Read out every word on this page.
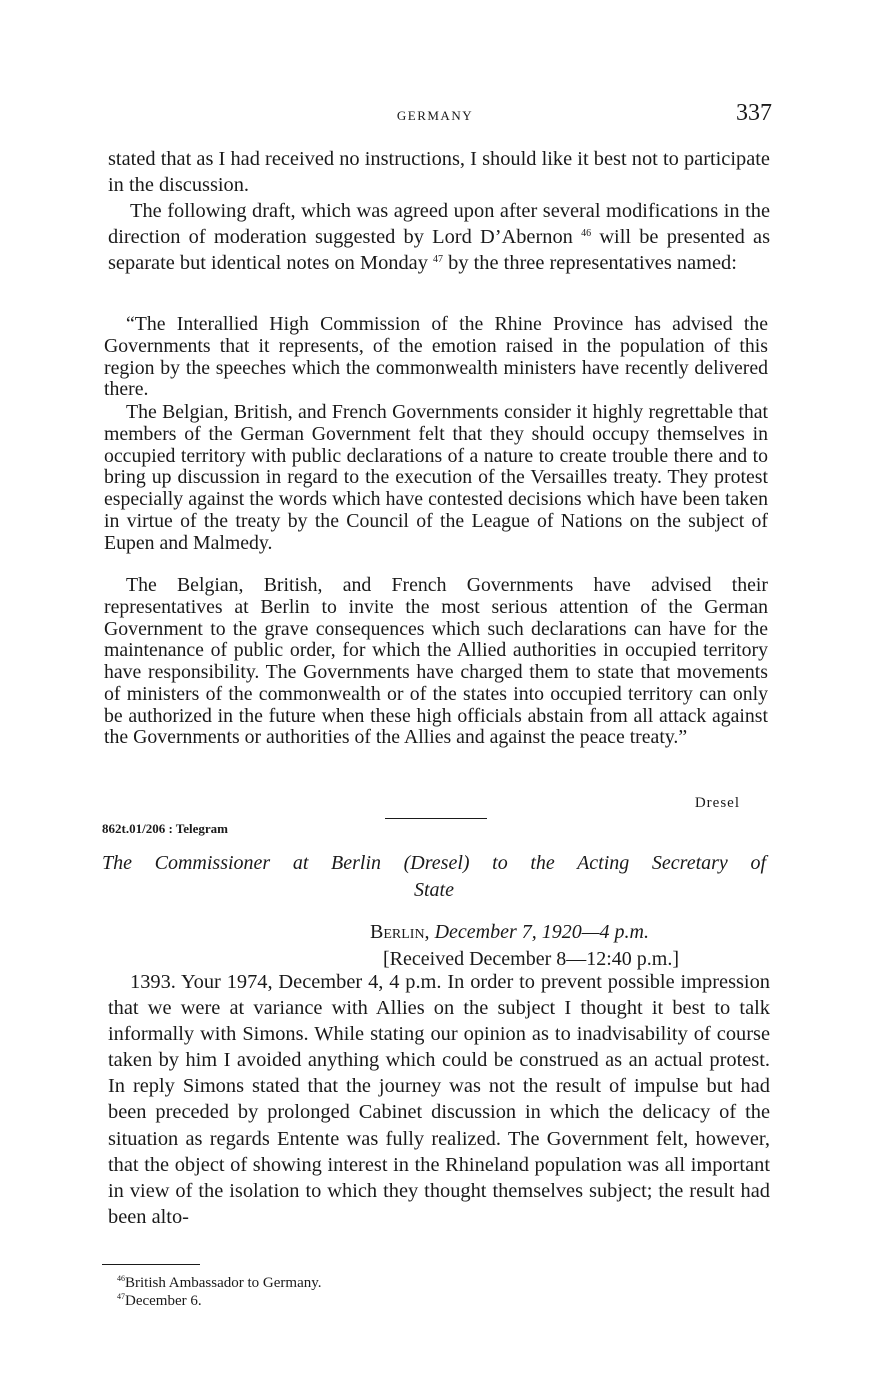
GERMANY	337

stated that as I had received no instructions, I should like it best not to participate in the discussion.

The following draft, which was agreed upon after several modifications in the direction of moderation suggested by Lord D’Abernon $^{46}$ will be presented as separate but identical notes on Monday $^{47}$ by the three representatives named:

“The Interallied High Commission of the Rhine Province has advised the Governments that it represents, of the emotion raised in the population of this region by the speeches which the commonwealth ministers have recently delivered there.

The Belgian, British, and French Governments consider it highly regrettable that members of the German Government felt that they should occupy themselves in occupied territory with public declarations of a nature to create trouble there and to bring up discussion in regard to the execution of the Versailles treaty. They protest especially against the words which have contested decisions which have been taken in virtue of the treaty by the Council of the League of Nations on the subject of Eupen and Malmedy.

The Belgian, British, and French Governments have advised their representatives at Berlin to invite the most serious attention of the German Government to the grave consequences which such declarations can have for the maintenance of public order, for which the Allied authorities in occupied territory have responsibility. The Governments have charged them to state that movements of ministers of the commonwealth or of the states into occupied territory can only be authorized in the future when these high officials abstain from all attack against the Governments or authorities of the Allies and against the peace treaty.”

Dresel
862t.01/206 : Telegram
The Commissioner at Berlin (Dresel) to the Acting Secretary of
State
Berlin, December 7, 1920—4 p.m.
[Received December 8—12:40 p.m.]

1393. Your 1974, December 4, 4 p.m. In order to prevent possible impression that we were at variance with Allies on the subject I thought it best to talk informally with Simons. While stating our opinion as to inadvisability of course taken by him I avoided anything which could be construed as an actual protest. In reply Simons stated that the journey was not the result of impulse but had been preceded by prolonged Cabinet discussion in which the delicacy of the situation as regards Entente was fully realized. The Government felt, however, that the object of showing interest in the Rhineland population was all important in view of the isolation to which they thought themselves subject; the result had been alto-

$^{46}$British Ambassador to Germany.
$^{47}$December 6.
